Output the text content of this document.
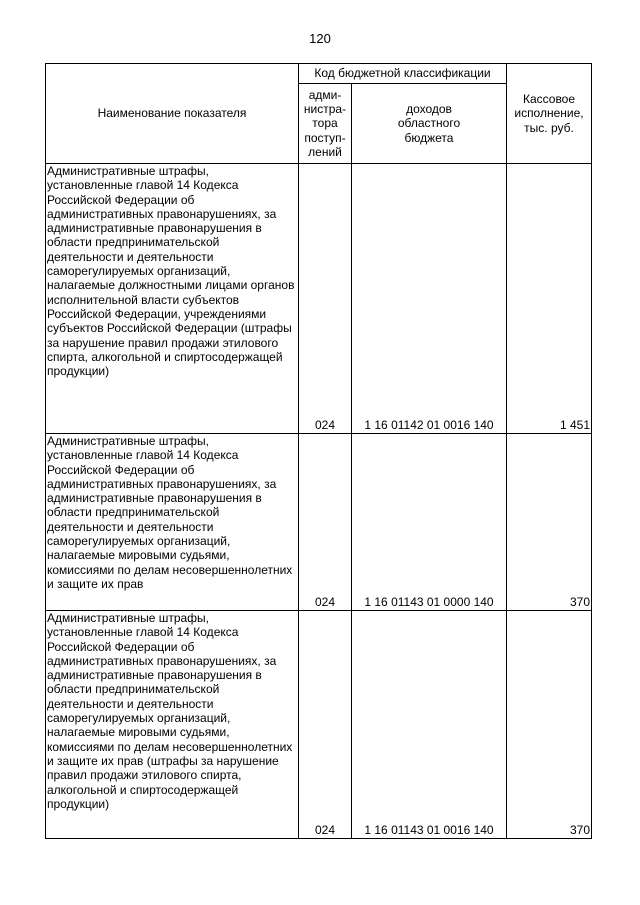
120
Наименование показателя	Код бюджетной классификации		Кассовое
исполнение,
тыс. руб.
	адми-
нистра-
тора
поступ-
лений	доходов
областного
бюджета	
Административные штрафы, установленные главой 14 Кодекса Российской Федерации об административных правонарушениях, за административные правонарушения в области предпринимательской деятельности и деятельности саморегулируемых организаций, налагаемые должностными лицами органов исполнительной власти субъектов Российской Федерации, учреждениями субъектов Российской Федерации (штрафы за нарушение правил продажи этилового спирта, алкогольной и спиртосодержащей продукции)	024	1 16 01142 01 0016 140	1 451
Административные штрафы, установленные главой 14 Кодекса Российской Федерации об административных правонарушениях, за административные правонарушения в области предпринимательской деятельности и деятельности саморегулируемых организаций, налагаемые мировыми судьями, комиссиями по делам несовершеннолетних и защите их прав	024	1 16 01143 01 0000 140	370
Административные штрафы, установленные главой 14 Кодекса Российской Федерации об административных правонарушениях, за административные правонарушения в области предпринимательской деятельности и деятельности саморегулируемых организаций, налагаемые мировыми судьями, комиссиями по делам несовершеннолетних и защите их прав (штрафы за нарушение правил продажи этилового спирта, алкогольной и спиртосодержащей продукции)	024	1 16 01143 01 0016 140	370
